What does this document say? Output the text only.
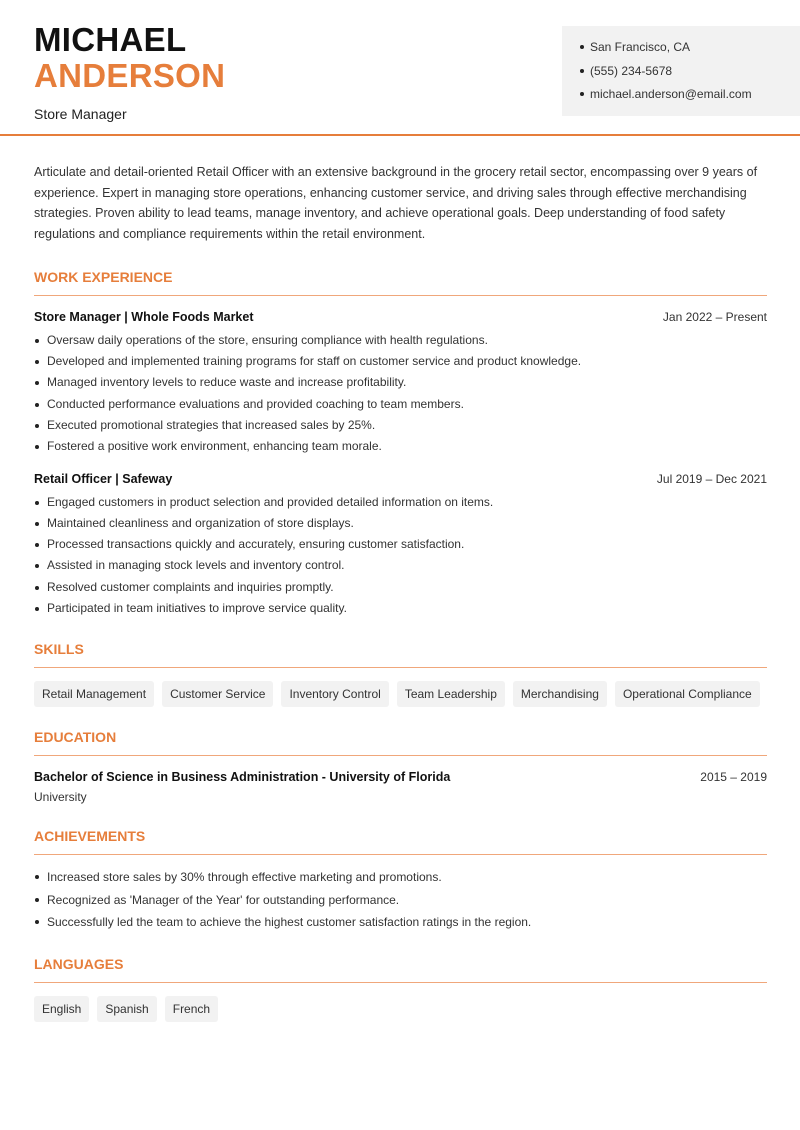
MICHAEL
ANDERSON
Store Manager
San Francisco, CA
(555) 234-5678
michael.anderson@email.com

Articulate and detail-oriented Retail Officer with an extensive background in the grocery retail sector, encompassing over 9 years of experience. Expert in managing store operations, enhancing customer service, and driving sales through effective merchandising strategies. Proven ability to lead teams, manage inventory, and achieve operational goals. Deep understanding of food safety regulations and compliance requirements within the retail environment.

WORK EXPERIENCE
Store Manager | Whole Foods Market	Jan 2022 – Present
Oversaw daily operations of the store, ensuring compliance with health regulations.
Developed and implemented training programs for staff on customer service and product knowledge.
Managed inventory levels to reduce waste and increase profitability.
Conducted performance evaluations and provided coaching to team members.
Executed promotional strategies that increased sales by 25%.
Fostered a positive work environment, enhancing team morale.
Retail Officer | Safeway	Jul 2019 – Dec 2021
Engaged customers in product selection and provided detailed information on items.
Maintained cleanliness and organization of store displays.
Processed transactions quickly and accurately, ensuring customer satisfaction.
Assisted in managing stock levels and inventory control.
Resolved customer complaints and inquiries promptly.
Participated in team initiatives to improve service quality.
SKILLS
Retail Management	Customer Service	Inventory Control	Team Leadership	Merchandising	Operational Compliance
EDUCATION
Bachelor of Science in Business Administration - University of Florida	2015 – 2019
University
ACHIEVEMENTS
Increased store sales by 30% through effective marketing and promotions.
Recognized as 'Manager of the Year' for outstanding performance.
Successfully led the team to achieve the highest customer satisfaction ratings in the region.
LANGUAGES
English	Spanish	French
